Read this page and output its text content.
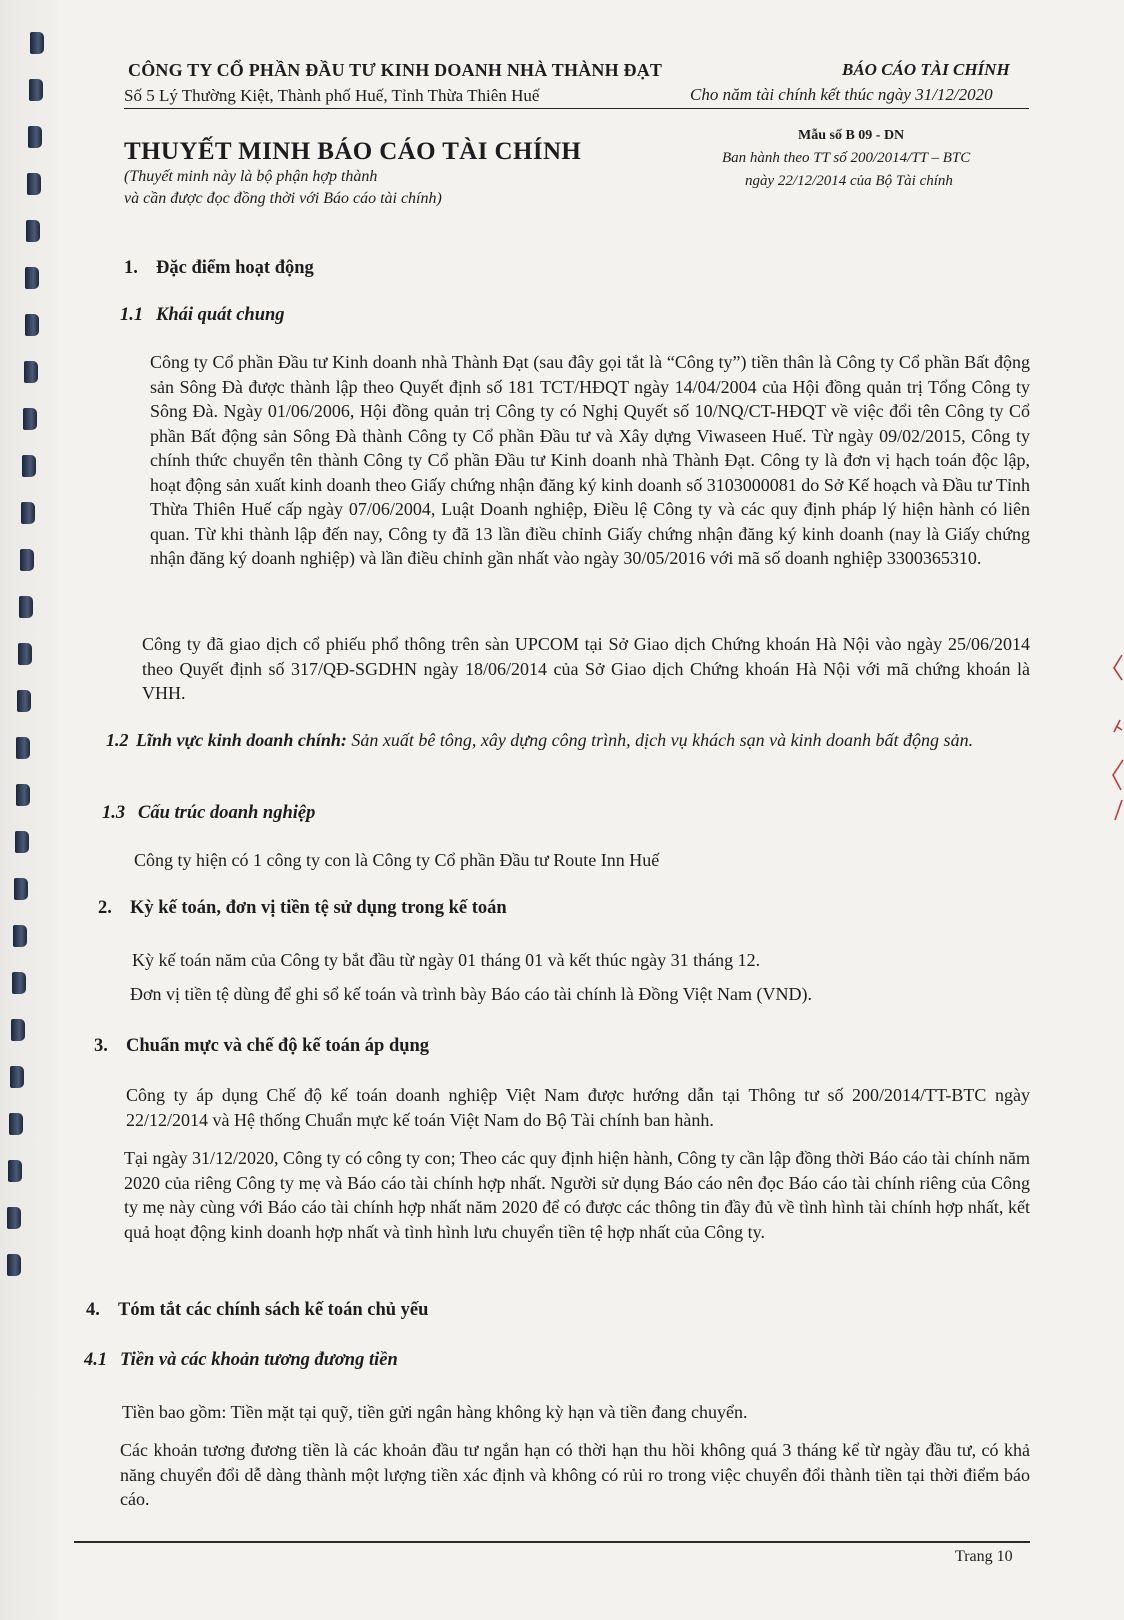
CÔNG TY CỔ PHẦN ĐẦU TƯ KINH DOANH NHÀ THÀNH ĐẠT
Số 5 Lý Thường Kiệt, Thành phố Huế, Tỉnh Thừa Thiên Huế
BÁO CÁO TÀI CHÍNH
Cho năm tài chính kết thúc ngày 31/12/2020
THUYẾT MINH BÁO CÁO TÀI CHÍNH
(Thuyết minh này là bộ phận hợp thành
và cần được đọc đồng thời với Báo cáo tài chính)
Mẫu số B 09 - DN
Ban hành theo TT số 200/2014/TT – BTC
ngày 22/12/2014 của Bộ Tài chính
1. Đặc điểm hoạt động
1.1 Khái quát chung
Công ty Cổ phần Đầu tư Kinh doanh nhà Thành Đạt (sau đây gọi tắt là “Công ty”) tiền thân là Công ty Cổ phần Bất động sản Sông Đà được thành lập theo Quyết định số 181 TCT/HĐQT ngày 14/04/2004 của Hội đồng quản trị Tổng Công ty Sông Đà. Ngày 01/06/2006, Hội đồng quản trị Công ty có Nghị Quyết số 10/NQ/CT-HĐQT về việc đổi tên Công ty Cổ phần Bất động sản Sông Đà thành Công ty Cổ phần Đầu tư và Xây dựng Viwaseen Huế. Từ ngày 09/02/2015, Công ty chính thức chuyển tên thành Công ty Cổ phần Đầu tư Kinh doanh nhà Thành Đạt. Công ty là đơn vị hạch toán độc lập, hoạt động sản xuất kinh doanh theo Giấy chứng nhận đăng ký kinh doanh số 3103000081 do Sở Kế hoạch và Đầu tư Tỉnh Thừa Thiên Huế cấp ngày 07/06/2004, Luật Doanh nghiệp, Điều lệ Công ty và các quy định pháp lý hiện hành có liên quan. Từ khi thành lập đến nay, Công ty đã 13 lần điều chỉnh Giấy chứng nhận đăng ký kinh doanh (nay là Giấy chứng nhận đăng ký doanh nghiệp) và lần điều chỉnh gần nhất vào ngày 30/05/2016 với mã số doanh nghiệp 3300365310.
Công ty đã giao dịch cổ phiếu phổ thông trên sàn UPCOM tại Sở Giao dịch Chứng khoán Hà Nội vào ngày 25/06/2014 theo Quyết định số 317/QĐ-SGDHN ngày 18/06/2014 của Sở Giao dịch Chứng khoán Hà Nội với mã chứng khoán là VHH.
1.2 Lĩnh vực kinh doanh chính: Sản xuất bê tông, xây dựng công trình, dịch vụ khách sạn và kinh doanh bất động sản.
1.3 Cấu trúc doanh nghiệp
Công ty hiện có 1 công ty con là Công ty Cổ phần Đầu tư Route Inn Huế
2. Kỳ kế toán, đơn vị tiền tệ sử dụng trong kế toán
Kỳ kế toán năm của Công ty bắt đầu từ ngày 01 tháng 01 và kết thúc ngày 31 tháng 12.
Đơn vị tiền tệ dùng để ghi sổ kế toán và trình bày Báo cáo tài chính là Đồng Việt Nam (VND).
3. Chuẩn mực và chế độ kế toán áp dụng
Công ty áp dụng Chế độ kế toán doanh nghiệp Việt Nam được hướng dẫn tại Thông tư số 200/2014/TT-BTC ngày 22/12/2014 và Hệ thống Chuẩn mực kế toán Việt Nam do Bộ Tài chính ban hành.
Tại ngày 31/12/2020, Công ty có công ty con; Theo các quy định hiện hành, Công ty cần lập đồng thời Báo cáo tài chính năm 2020 của riêng Công ty mẹ và Báo cáo tài chính hợp nhất. Người sử dụng Báo cáo nên đọc Báo cáo tài chính riêng của Công ty mẹ này cùng với Báo cáo tài chính hợp nhất năm 2020 để có được các thông tin đầy đủ về tình hình tài chính hợp nhất, kết quả hoạt động kinh doanh hợp nhất và tình hình lưu chuyển tiền tệ hợp nhất của Công ty.
4. Tóm tắt các chính sách kế toán chủ yếu
4.1 Tiền và các khoản tương đương tiền
Tiền bao gồm: Tiền mặt tại quỹ, tiền gửi ngân hàng không kỳ hạn và tiền đang chuyển.
Các khoản tương đương tiền là các khoản đầu tư ngắn hạn có thời hạn thu hồi không quá 3 tháng kể từ ngày đầu tư, có khả năng chuyển đổi dễ dàng thành một lượng tiền xác định và không có rủi ro trong việc chuyển đổi thành tiền tại thời điểm báo cáo.
Trang 10
